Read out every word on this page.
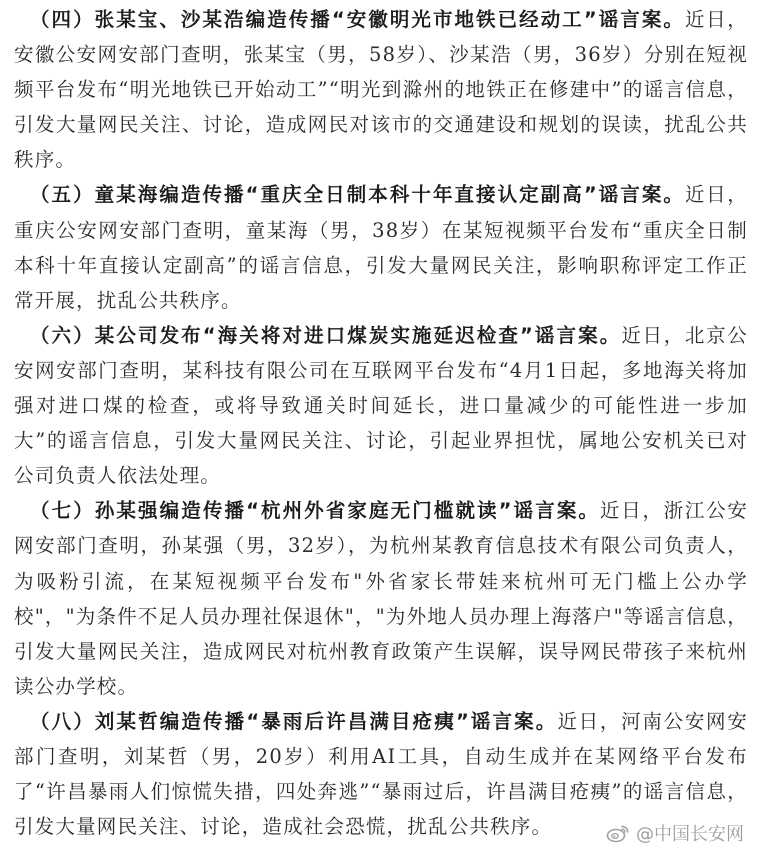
（四）张某宝、沙某浩编造传播“安徽明光市地铁已经动工”谣言案。近日，安徽公安网安部门查明，张某宝（男，58岁）、沙某浩（男，36岁）分别在短视频平台发布“明光地铁已开始动工”“明光到滁州的地铁正在修建中”的谣言信息，引发大量网民关注、讨论，造成网民对该市的交通建设和规划的误读，扰乱公共秩序。

（五）童某海编造传播“重庆全日制本科十年直接认定副高”谣言案。近日，重庆公安网安部门查明，童某海（男，38岁）在某短视频平台发布“重庆全日制本科十年直接认定副高”的谣言信息，引发大量网民关注，影响职称评定工作正常开展，扰乱公共秩序。

（六）某公司发布“海关将对进口煤炭实施延迟检查”谣言案。近日，北京公安网安部门查明，某科技有限公司在互联网平台发布“4月1日起，多地海关将加强对进口煤的检查，或将导致通关时间延长，进口量减少的可能性进一步加大”的谣言信息，引发大量网民关注、讨论，引起业界担忧，属地公安机关已对公司负责人依法处理。

（七）孙某强编造传播“杭州外省家庭无门槛就读”谣言案。近日，浙江公安网安部门查明，孙某强（男，32岁），为杭州某教育信息技术有限公司负责人，为吸粉引流，在某短视频平台发布"外省家长带娃来杭州可无门槛上公办学校"，"为条件不足人员办理社保退休"，"为外地人员办理上海落户"等谣言信息，引发大量网民关注，造成网民对杭州教育政策产生误解，误导网民带孩子来杭州读公办学校。

（八）刘某哲编造传播“暴雨后许昌满目疮痍”谣言案。近日，河南公安网安部门查明，刘某哲（男，20岁）利用AI工具，自动生成并在某网络平台发布了“许昌暴雨人们惊慌失措，四处奔逃”“暴雨过后，许昌满目疮痍”的谣言信息，引发大量网民关注、讨论，造成社会恐慌，扰乱公共秩序。	@中国长安网
